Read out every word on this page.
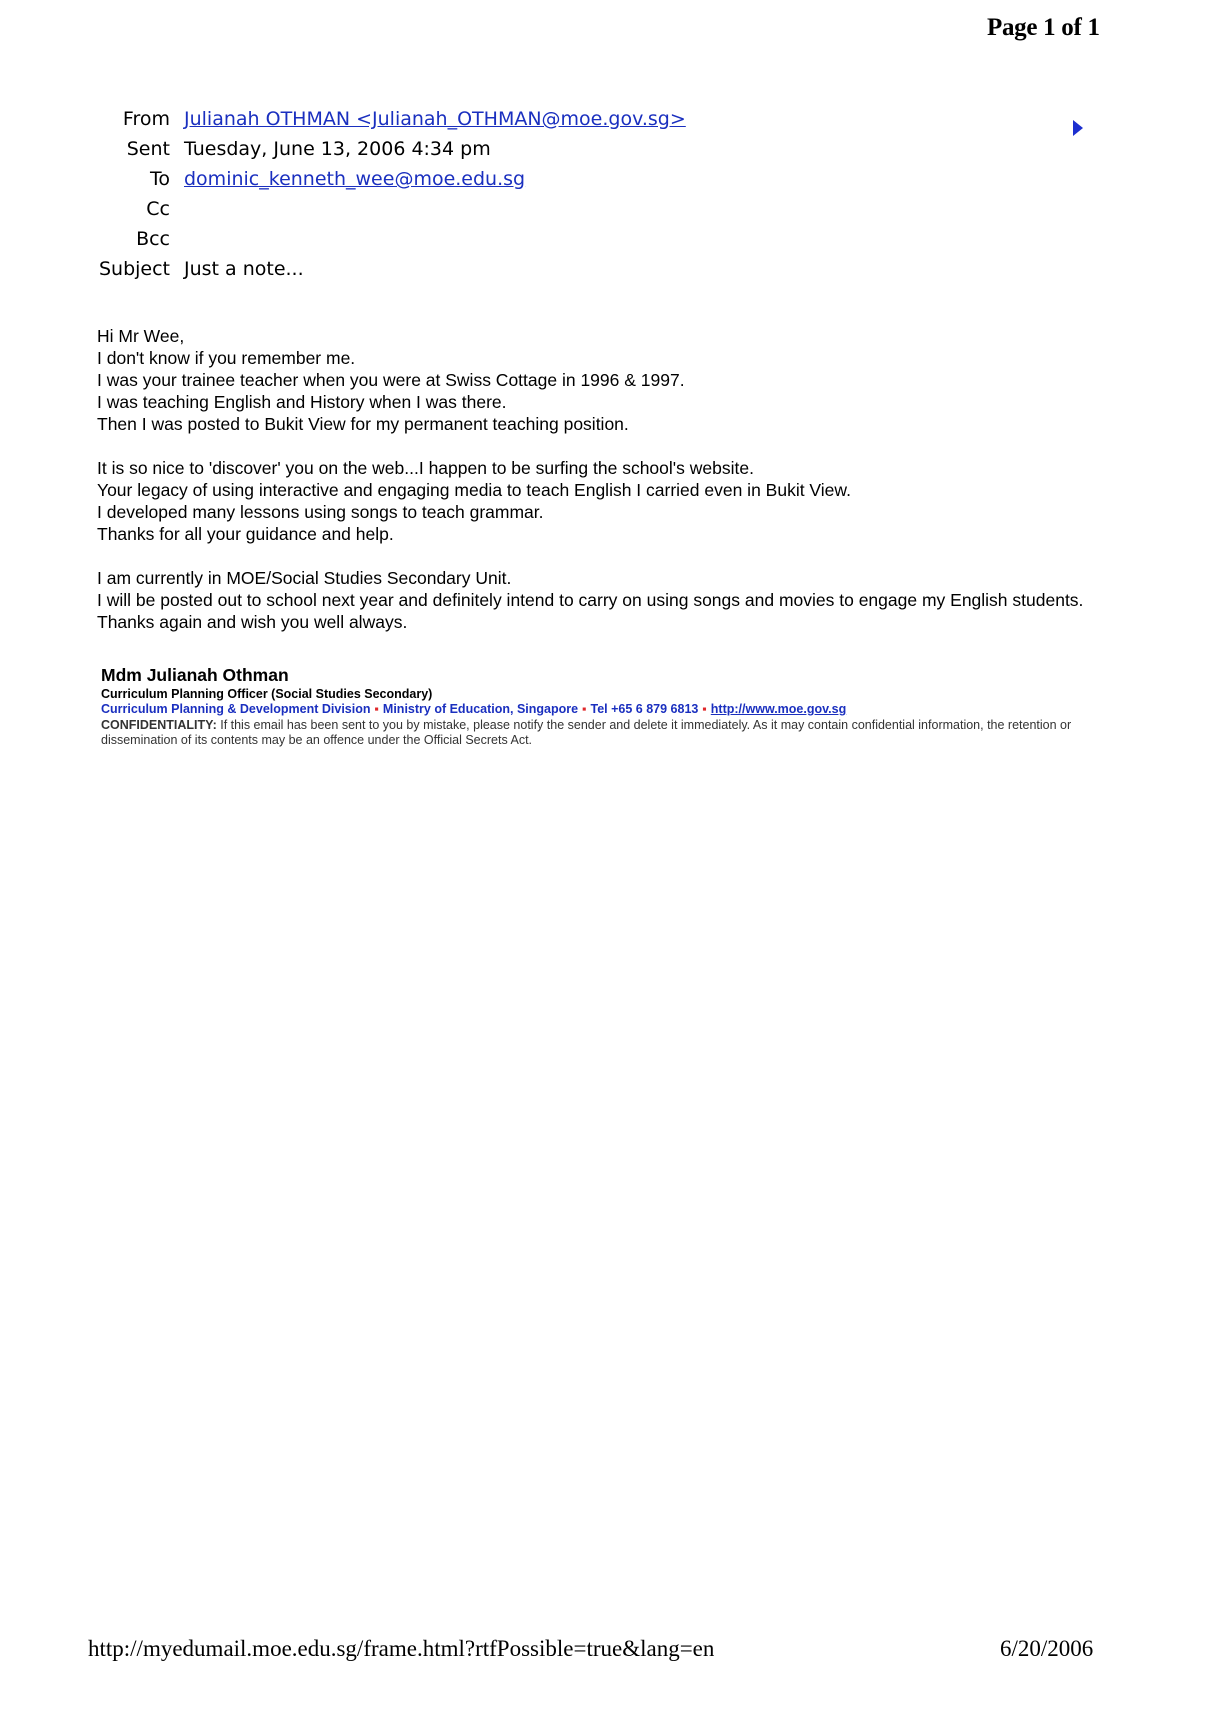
Page 1 of 1
From Julianah OTHMAN <Julianah_OTHMAN@moe.gov.sg>
Sent Tuesday, June 13, 2006 4:34 pm
To dominic_kenneth_wee@moe.edu.sg
Cc
Bcc
Subject Just a note...
Hi Mr Wee,
I don't know if you remember me.
I was your trainee teacher when you were at Swiss Cottage in 1996 & 1997.
I was teaching English and History when I was there.
Then I was posted to Bukit View for my permanent teaching position.
It is so nice to 'discover' you on the web...I happen to be surfing the school's website.
Your legacy of using interactive and engaging media to teach English I carried even in Bukit View.
I developed many lessons using songs to teach grammar.
Thanks for all your guidance and help.
I am currently in MOE/Social Studies Secondary Unit.
I will be posted out to school next year and definitely intend to carry on using songs and movies to engage my English students.
Thanks again and wish you well always.
Mdm Julianah Othman
Curriculum Planning Officer (Social Studies Secondary)
Curriculum Planning & Development Division ▪ Ministry of Education, Singapore ▪ Tel +65 6 879 6813 ▪ http://www.moe.gov.sg
CONFIDENTIALITY: If this email has been sent to you by mistake, please notify the sender and delete it immediately. As it may contain confidential information, the retention or dissemination of its contents may be an offence under the Official Secrets Act.
http://myedumail.moe.edu.sg/frame.html?rtfPossible=true&lang=en	6/20/2006
